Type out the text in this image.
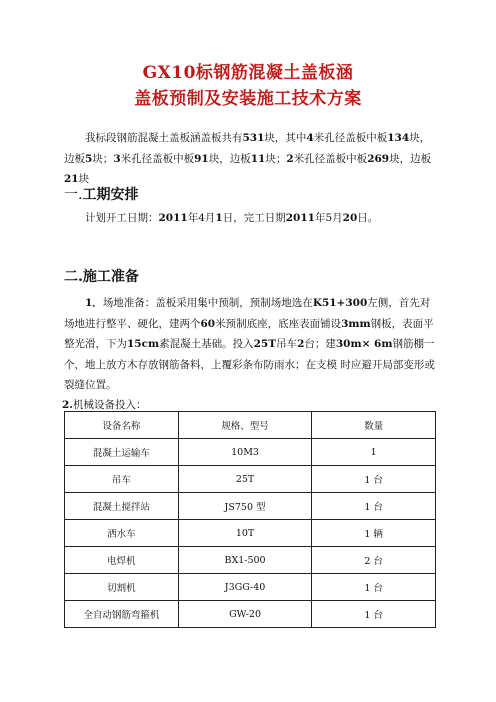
GX10标钢筋混凝土盖板涵
盖板预制及安装施工技术方案
我标段钢筋混凝土盖板涵盖板共有531块，其中4米孔径盖板中板134块，边板5块；3米孔径盖板中板91块，边板11块；2米孔径盖板中板269块，边板21块
一.工期安排
计划开工日期：2011年4月1日，完工日期2011年5月20日。
二.施工准备
1．场地准备：盖板采用集中预制，预制场地选在K51+300左侧，首先对场地进行整平、硬化，建两个60米预制底座，底座表面铺设3mm钢板，表面平整光滑，下为15cm素混凝土基础。投入25T吊车2台；建30m× 6m钢筋棚一个，地上放方木存放钢筋备料，上覆彩条布防雨水；在支模 时应避开局部变形或裂缝位置。
2.机械设备投入：
设备名称	规格、型号	数量
混凝土运输车	10M3	1
吊车	25T	1 台
混凝土搅拌站	JS750 型	1 台
洒水车	10T	1 辆
电焊机	BX1-500	2 台
切割机	J3GG-40	1 台
全自动钢筋弯箍机	GW-20	1 台
